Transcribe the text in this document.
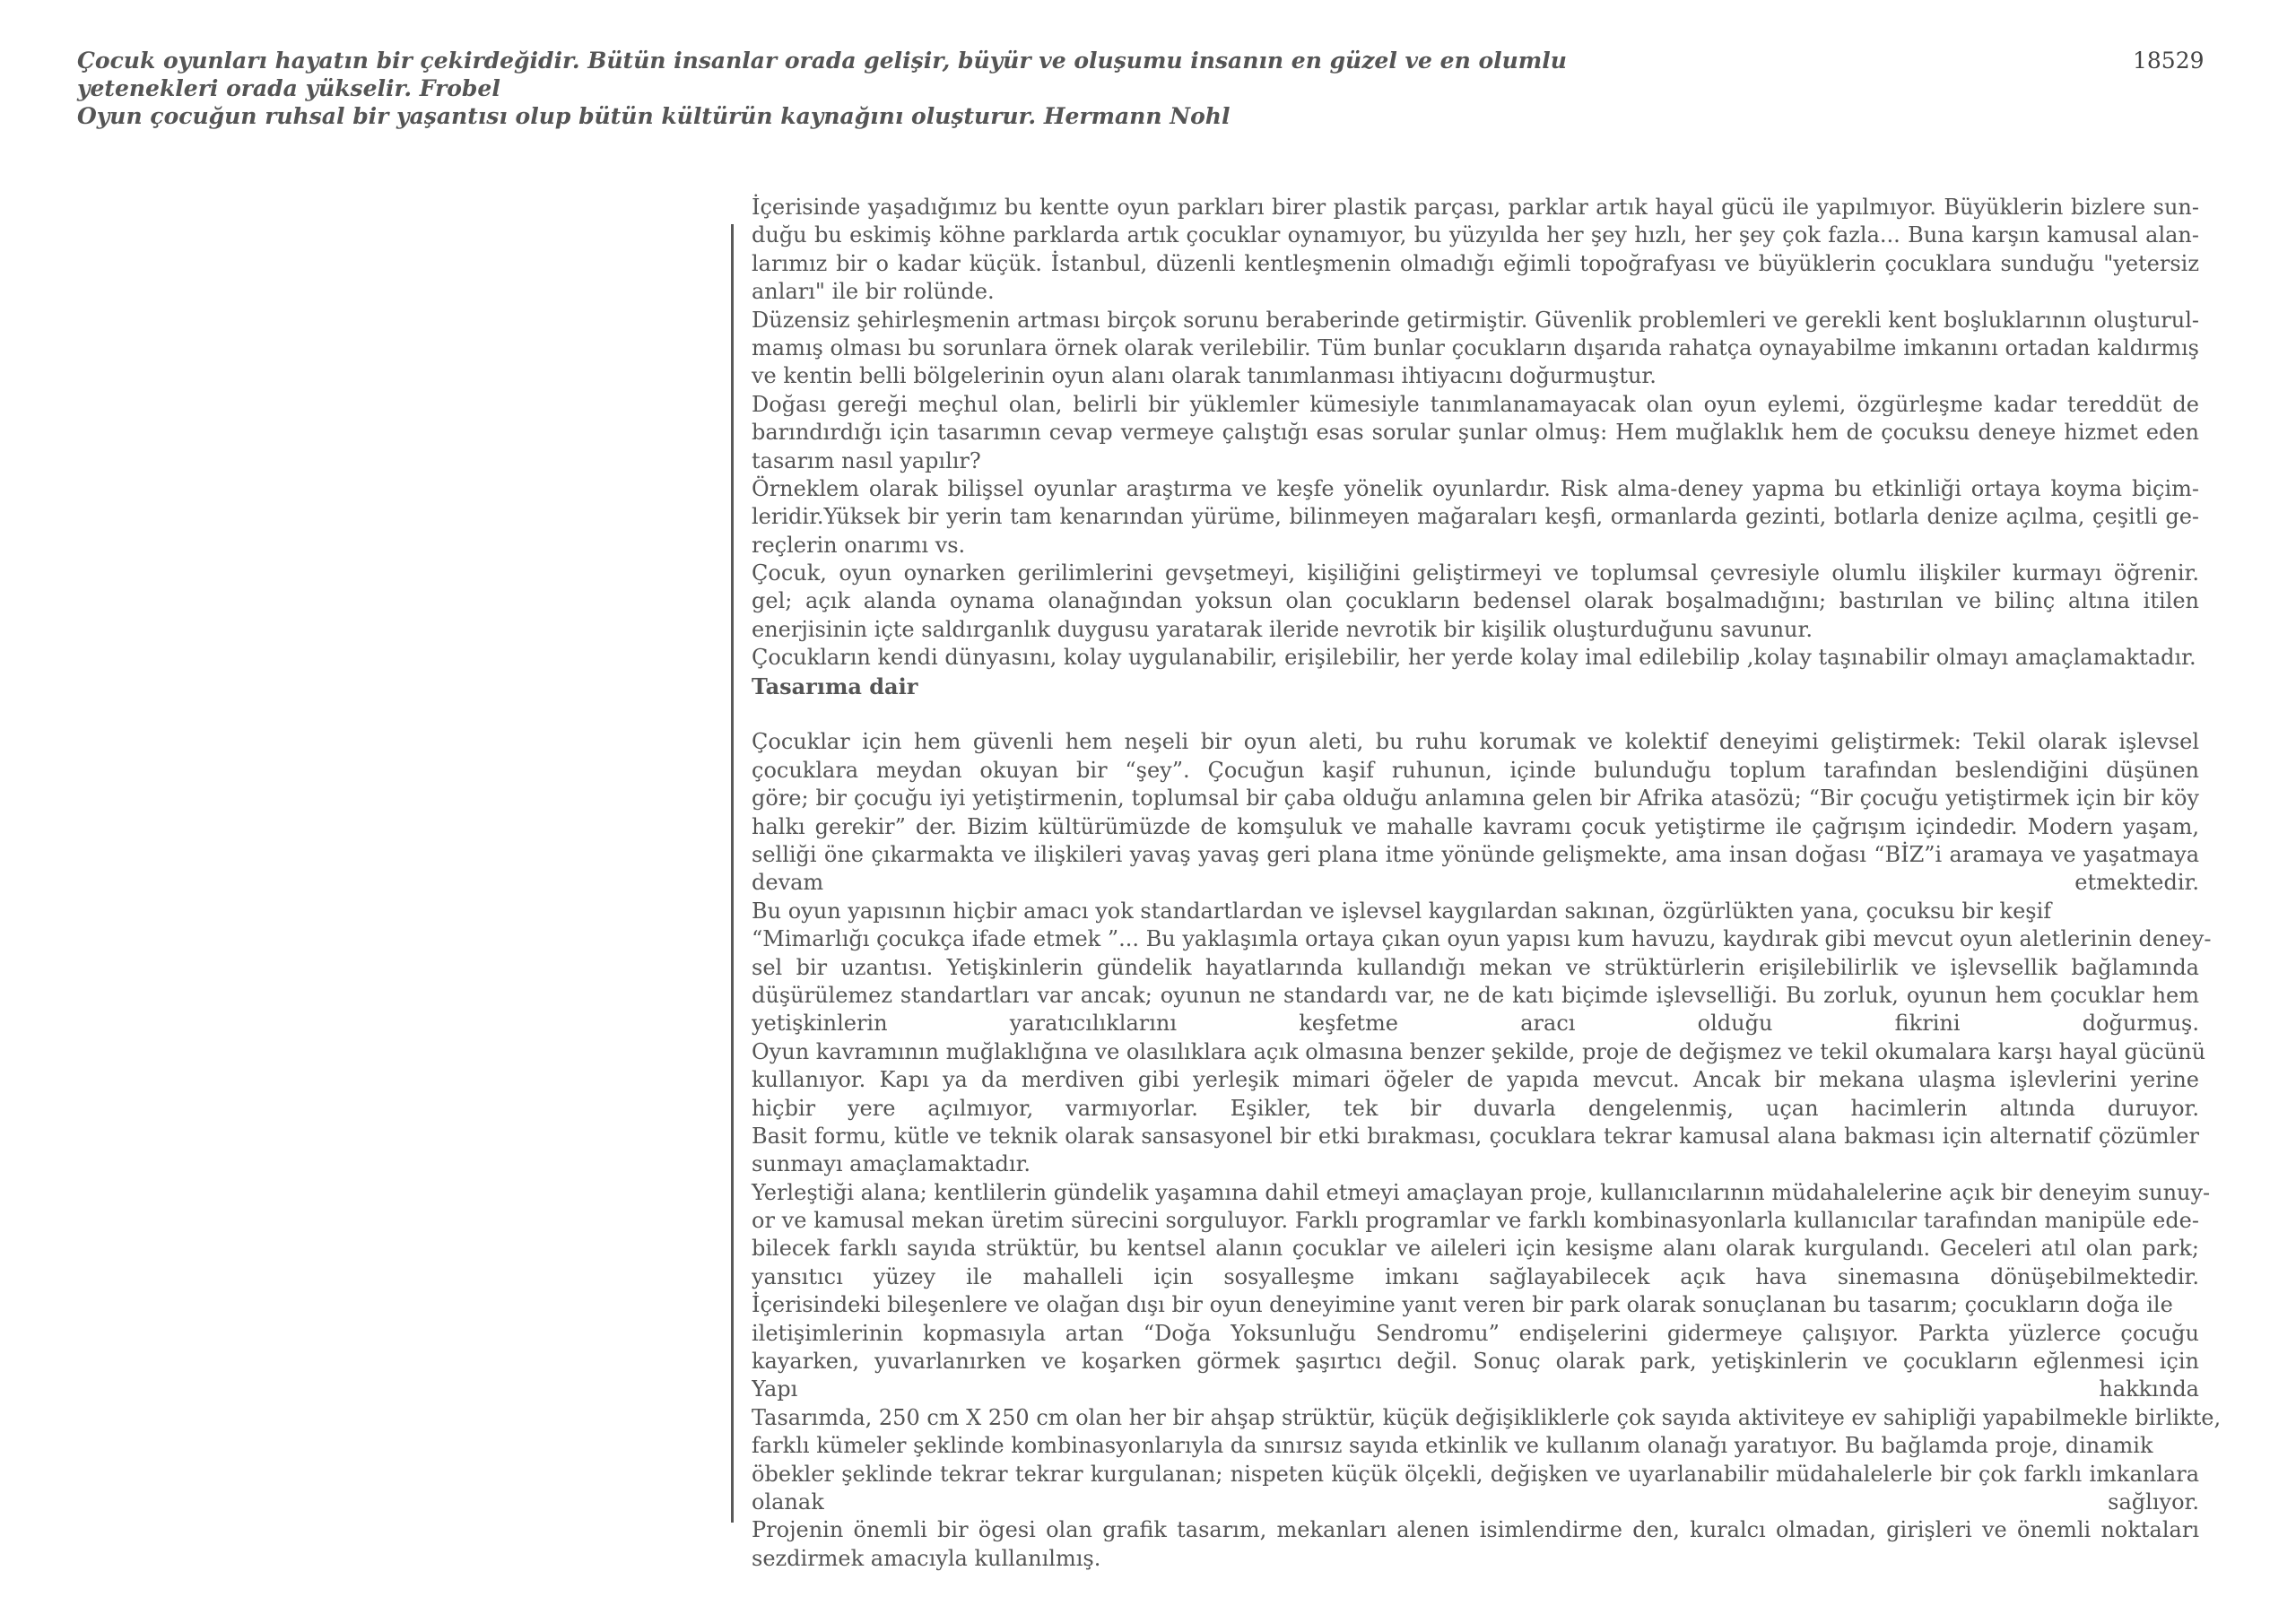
Çocuk oyunları hayatın bir çekirdeğidir. Bütün insanlar orada gelişir, büyür ve oluşumu insanın en güzel ve en olumlu
yetenekleri orada yükselir. Frobel
Oyun çocuğun ruhsal bir yaşantısı olup bütün kültürün kaynağını oluşturur. Hermann Nohl
18529
İçerisinde yaşadığımız bu kentte oyun parkları birer plastik parçası, parklar artık hayal gücü ile yapılmıyor. Büyüklerin bizlere sun-
duğu bu eskimiş köhne parklarda artık çocuklar oynamıyor, bu yüzyılda her şey hızlı, her şey çok fazla... Buna karşın kamusal alan-
larımız bir o kadar küçük. İstanbul, düzenli kentleşmenin olmadığı eğimli topoğrafyası ve büyüklerin çocuklara sunduğu "yetersiz
anları" ile bir rolünde.
Düzensiz şehirleşmenin artması birçok sorunu beraberinde getirmiştir. Güvenlik problemleri ve gerekli kent boşluklarının oluşturul-
mamış olması bu sorunlara örnek olarak verilebilir. Tüm bunlar çocukların dışarıda rahatça oynayabilme imkanını ortadan kaldırmış
ve kentin belli bölgelerinin oyun alanı olarak tanımlanması ihtiyacını doğurmuştur.
Doğası gereği meçhul olan, belirli bir yüklemler kümesiyle tanımlanamayacak olan oyun eylemi, özgürleşme kadar tereddüt de
barındırdığı için tasarımın cevap vermeye çalıştığı esas sorular şunlar olmuş: Hem muğlaklık hem de çocuksu deneye hizmet eden
tasarım nasıl yapılır?
Örneklem olarak bilişsel oyunlar araştırma ve keşfe yönelik oyunlardır. Risk alma-deney yapma bu etkinliği ortaya koyma biçim-
leridir.Yüksek bir yerin tam kenarından yürüme, bilinmeyen mağaraları keşfi, ormanlarda gezinti, botlarla denize açılma, çeşitli ge-
reçlerin onarımı vs.
Çocuk, oyun oynarken gerilimlerini gevşetmeyi, kişiliğini geliştirmeyi ve toplumsal çevresiyle olumlu ilişkiler kurmayı öğrenir.
gel; açık alanda oynama olanağından yoksun olan çocukların bedensel olarak boşalmadığını; bastırılan ve bilinç altına itilen
enerjisinin içte saldırganlık duygusu yaratarak ileride nevrotik bir kişilik oluşturduğunu savunur.
Çocukların kendi dünyasını, kolay uygulanabilir, erişilebilir, her yerde kolay imal edilebilip ,kolay taşınabilir olmayı amaçlamaktadır.
Tasarıma dair
Çocuklar için hem güvenli hem neşeli bir oyun aleti, bu ruhu korumak ve kolektif deneyimi geliştirmek: Tekil olarak işlevsel
çocuklara meydan okuyan bir “şey”. Çocuğun kaşif ruhunun, içinde bulunduğu toplum tarafından beslendiğini düşünen
göre; bir çocuğu iyi yetiştirmenin, toplumsal bir çaba olduğu anlamına gelen bir Afrika atasözü; “Bir çocuğu yetiştirmek için bir köy
halkı gerekir” der. Bizim kültürümüzde de komşuluk ve mahalle kavramı çocuk yetiştirme ile çağrışım içindedir. Modern yaşam,
selliği öne çıkarmakta ve ilişkileri yavaş yavaş geri plana itme yönünde gelişmekte, ama insan doğası “BİZ”i aramaya ve yaşatmaya
devam etmektedir.
Bu oyun yapısının hiçbir amacı yok standartlardan ve işlevsel kaygılardan sakınan, özgürlükten yana, çocuksu bir keşif
“Mimarlığı çocukça ifade etmek ”... Bu yaklaşımla ortaya çıkan oyun yapısı kum havuzu, kaydırak gibi mevcut oyun aletlerinin deney-
sel bir uzantısı. Yetişkinlerin gündelik hayatlarında kullandığı mekan ve strüktürlerin erişilebilirlik ve işlevsellik bağlamında
düşürülemez standartları var ancak; oyunun ne standardı var, ne de katı biçimde işlevselliği. Bu zorluk, oyunun hem çocuklar hem
yetişkinlerin yaratıcılıklarını keşfetme aracı olduğu fikrini doğurmuş.
Oyun kavramının muğlaklığına ve olasılıklara açık olmasına benzer şekilde, proje de değişmez ve tekil okumalara karşı hayal gücünü
kullanıyor. Kapı ya da merdiven gibi yerleşik mimari öğeler de yapıda mevcut. Ancak bir mekana ulaşma işlevlerini yerine
hiçbir yere açılmıyor, varmıyorlar. Eşikler, tek bir duvarla dengelenmiş, uçan hacimlerin altında duruyor.
Basit formu, kütle ve teknik olarak sansasyonel bir etki bırakması, çocuklara tekrar kamusal alana bakması için alternatif çözümler
sunmayı amaçlamaktadır.
Yerleştiği alana; kentlilerin gündelik yaşamına dahil etmeyi amaçlayan proje, kullanıcılarının müdahalelerine açık bir deneyim sunuy-
or ve kamusal mekan üretim sürecini sorguluyor. Farklı programlar ve farklı kombinasyonlarla kullanıcılar tarafından manipüle ede-
bilecek farklı sayıda strüktür, bu kentsel alanın çocuklar ve aileleri için kesişme alanı olarak kurgulandı. Geceleri atıl olan park;
yansıtıcı yüzey ile mahalleli için sosyalleşme imkanı sağlayabilecek açık hava sinemasına dönüşebilmektedir.
İçerisindeki bileşenlere ve olağan dışı bir oyun deneyimine yanıt veren bir park olarak sonuçlanan bu tasarım; çocukların doğa ile
iletişimlerinin kopmasıyla artan “Doğa Yoksunluğu Sendromu” endişelerini gidermeye çalışıyor. Parkta yüzlerce çocuğu
kayarken, yuvarlanırken ve koşarken görmek şaşırtıcı değil. Sonuç olarak park, yetişkinlerin ve çocukların eğlenmesi için
Yapı hakkında
Tasarımda, 250 cm X 250 cm olan her bir ahşap strüktür, küçük değişikliklerle çok sayıda aktiviteye ev sahipliği yapabilmekle birlikte,
farklı kümeler şeklinde kombinasyonlarıyla da sınırsız sayıda etkinlik ve kullanım olanağı yaratıyor. Bu bağlamda proje, dinamik
öbekler şeklinde tekrar tekrar kurgulanan; nispeten küçük ölçekli, değişken ve uyarlanabilir müdahalelerle bir çok farklı imkanlara
olanak sağlıyor.
Projenin önemli bir ögesi olan grafik tasarım, mekanları alenen isimlendirme den, kuralcı olmadan, girişleri ve önemli noktaları
sezdirmek amacıyla kullanılmış.
